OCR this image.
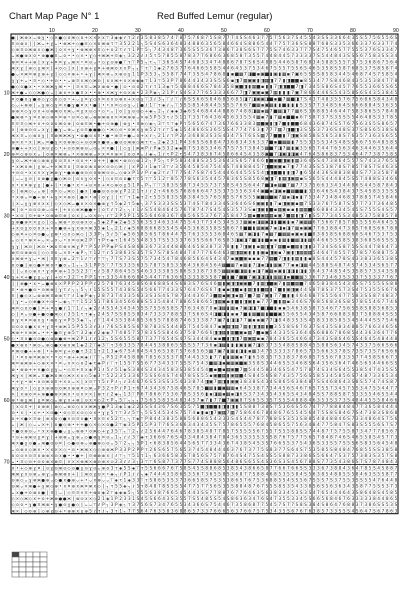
Chart Map Page N° 1	Red Buffed Lemur (regular)
10	20	30	40	50	60	70	80	90
10
20
30
40
50
60
70
● ǀ ж ⊕ x ᴗ ⊕ ɣ • ◇ × ● ◇ o ж ◇ o + × × × x ⊤ 3 ◈ ◈ ℓ τ 2 ℓ 3 5 8 3 8 5 7 4 7 8 7 5 7 6 8 7 5 S 8 7 7 7 4 S S 4 6 3 7 7 5 7 5 6 3 7 S 4 5 5 4 3 S S 3 3 6 6 4 3 5 S 5 7 5 6 5 5 6 S
¤ ⊙ ⊗ x ǀ ǀ ж ᴗ + ɣ ᴗ • ⊕ ж + ◇ ● ¤ ◇ × o ж ⊗ τ ⊤ 3 5 2 2 1 ┐ 5 S 4 S 6 3 6 4 8 3 4 8 8 6 3 5 6 5 8 4 6 6 4 S 8 8 6 5 4 4 7 7 5 7 3 6 S S 8 8 7 6 8 S 3 3 5 3 6 6 3 3 7 6 3 3 7 7 4
◇ ⊕ ¤ ⊙ ж ⊗ x ◇ ● ж ǀ o × + ɣ • ⊕ ж ⊕ × ¤ ◇ + o 2 τ ℓ τ 1 P ⊤ 5 ┐ 7 4 3 4 8 7 3 6 5 S 5 5 3 6 7 3 8 6 7 3 8 S 6 S 7 7 7 5 S 7 4 6 3 3 7 7 7 S 4 7 5 4 6 5 7 7 5 5 5 3 7 6 S 3 3 4 7
ᴗ ж ● ⊕ x o • ⊕ ● ● ¤ ᴗ o • • ◇ × • ɣ ◇ + ж ж + ¤ ◈ ┐ 3 2 2 ℓ ℓ 5 τ 5 7 8 5 5 8 7 8 3 7 7 6 8 6 6 3 6 8 5 8 7 3 5 5 7 4 4 8 4 4 5 7 3 3 3 3 7 S 5 4 4 8 4 3 S S S 6 7 5 8 3 S S 3 4
⊗ ¤ ¤ + + ⊕ ǀ x ɣ + ¤ ¤ ɣ ᴗ ж × • ¤ ⊙ ᴗ • ◇ ɣ ⊙ ⊗ ● ⊤ τ ⊤ P 5 ┐ τ ┐ ⊤ 3 6 S 4 S 7 4 6 8 3 3 4 7 4 8 8 6 7 8 7 S 6 S 4 8 8 5 4 4 6 5 8 7 6 8 3 4 5 8 8 5 5 5 7 3 7 5 3 6 8 6 7 5 6 4
ж x ɣ ǀ ⊕ ◇ ɣ ж × ǀ + o ◇ ǀ x ǀ x ⊕ + ɣ ¤ + ⊗ ж o x x P ┐ ┐ ⊤ τ ⊤ 1 ◈ 2 7 6 3 7 7 6 4 6 6 5 S 8 5 4 4 6 4 5 3 7 5 3 4 6 7 5 5 5 7 5 S 6 5 4 6 5 3 S 8 S 5 8 7 6 8 5 3 7 S 8 S 8 7 4
● ᴗ × ж ¤ ⊗ ɣ ⊕ + ɣ ǀ ◇ ◇ × ⊗ + • + ɣ ǀ ж × ⊗ ᴗ x ⊕ ⊙ ɣ 1 1 P 3 5 3 ┐ 5 5 8 7 7 4 7 3 S S 4 7 8 6 8 ▮ ▪ ■ ▦ 7 ◨ ■ ▪ ▣ ■ ▮ ▣ ▮ ▦ ▪ 7 ▣ 6 5 S S S 8 5 8 3 4 4 5 4 6 8 7 4 S 7 S 8 5 4
ɣ ɣ + ᴗ • ¤ • ◇ • + ⊙ • • ᴗ ⊗ ¤ x ж ◇ ж ⊙ ǀ x x ж + x × ⊕ ◈ ◈ ⊤ 1 3 ⊤ 5 3 P 7 8 6 4 4 3 4 3 3 S 5 S 6 ▪ ◨ 7 ▦ ▣ ▣ ▮ ◨ ▦ ◨ 7 7 ▮ ◨ ■ ■ ▪ 8 5 3 4 7 7 S 8 4 6 8 4 3 5 3 5 3 8 4 7 7 8
● ◇ o ● x • • × ж ж ɣ ж • • ǀ ¤ × ¤ ᴗ ж x ⊗ ⊗ • ● ǀ ⊙ • ⊙ o 2 τ ℓ τ 1 3 ◈ τ 5 4 8 8 4 6 6 S 7 8 4 3 5 8 ▣ ■ ◨ ▮ ▦ ■ ▪ ▮ ▮ 7 ◨ ◨ ■ ■ 7 ◨ 7 3 4 5 S 8 6 S 4 5 7 7 6 5 5 3 6 6 5 S 6 5
ж + ● ᴗ ◇ ◇ ж ● ◇ ᴗ ǀ ⊗ x + x ● ¤ x • • ⊕ • × ж ɣ + ⊙ × ⊗ • 2 3 P ◈ ┐ 2 1 P ℓ S 4 S 3 7 7 6 5 3 3 3 6 6 7 7 ◨ 7 ▣ ▣ ▪ ▣ 7 ▦ ▮ ▮ ▮ 7 ▣ 7 8 6 6 4 4 6 S 5 4 3 5 8 S 6 S 4 3 5 3 8 4 5
¤ o ● o ɣ ● ⊗ ◇ ɣ ◇ o ◇ o • + ᴗ ɣ ¤ ɣ ◇ x ¤ x x ⊙ ⊗ x + x ⊙ ɣ ⊤ 3 ℓ 3 ┐ ⊤ ℓ ⊤ ℓ 6 S S 6 6 S 8 4 6 8 5 6 8 5 ◨ 7 ◨ ▣ ▣ ◨ ■ ▪ ■ 7 ▦ ■ ◨ 7 S 4 3 7 4 8 3 5 5 7 6 7 5 6 8 6 S 8 4 3 4 8
◇ ᴗ + ⊗ ⊕ ǀ ᴗ ɣ ⊕ ◇ ɣ ¤ x ● ɣ ● ¤ x • ● ǀ • • x ¤ ◇ ⊙ ɣ ᴗ ǀ ● ℓ 1 ⊤ τ ◈ ℓ ┐ ⊤ 5 S 5 8 5 4 8 4 4 5 S S 5 7 6 6 7 ■ ▦ ▪ ▣ ▦ ▮ ▮ ■ ▮ ▮ ▮ S 3 S 7 7 3 4 8 5 6 4 S 6 6 6 8 8 4 S 3 6 3 5
⊕ ⊕ × ◇ ɣ o x + ⊙ ⊕ ж o x ж ᴗ ¤ ɣ x ⊙ ◇ • ◇ • ᴗ ǀ o ǀ ɣ ⊙ ⊙ ◇ + ◈ ┐ 2 ┐ ℓ ◈ ◈ 3 ◈ 6 S 4 6 8 4 4 4 8 8 6 7 4 8 8 ◨ ▦ ▪ ▦ 7 ■ ▦ ◨ 7 7 ▦ 6 S 3 6 8 8 5 4 6 4 4 7 S 8 3 8 6 S 5 7 8 4 8
● ж ⊗ • ɣ ¤ x ⊗ ◇ ⊗ × ¤ ⊕ • ⊙ ¤ ◇ ⊕ ᴗ ⊕ ⊗ ж ⊕ o × ¤ ж ⊗ ⊕ ᴗ × ⊕ 5 P 5 3 τ ℓ 5 1 1 7 3 5 7 6 4 3 6 4 5 6 3 3 5 5 4 ▦ ▪ 7 ▮ 7 ▦ ▪ ■ ■ ▪ 6 7 S 8 7 3 7 S 3 S S 5 5 4 6 4 8 S 3 3 7 8 5
¤ ¤ ¤ ◇ ж + x + o o o ж o ⊕ ǀ o ⊗ ¤ ж • ● + ⊙ ⊕ ● ǀ ⊗ ɣ • ¤ ⊕ ◇ ◈ ┐ 3 ⊤ τ ⊤ ◈ P τ 5 6 5 6 7 4 7 3 6 7 6 6 3 3 8 3 ▦ ■ ▣ ▮ ◨ 7 ■ ▮ ■ ■ 6 8 4 3 6 8 7 4 S 5 7 6 7 S 6 3 S 5 S 8 6 5 7
x ǀ ⊗ ⊕ ⊙ ⊙ ᴗ x ɣ ǀ ● ɣ ᴗ ⊕ ᴗ ɣ ⊙ ¤ ● ● ● ◇ • ж ◇ ⊙ • o ж x ɣ ⊕ 5 2 τ ℓ ⊤ 5 ◈ 1 5 4 8 6 6 S 3 6 5 5 S 4 7 7 4 7 6 3 ▮ 7 7 7 ▦ 7 ◨ ■ ◨ 3 S 5 S 3 7 3 6 S 4 8 S 3 7 S 8 S 6 5 3 8 S 6
ж x ¤ ᴗ ◇ ⊗ o ɣ ǀ ¤ ⊗ ж ж ж ɣ • ⊗ ● ⊙ x ¤ • ● • ⊕ ¤ + ● ᴗ o + x ℓ ┐ 2 1 ℓ τ P 2 ℓ 3 6 8 8 3 S 3 S 4 3 4 7 S 7 6 S S ▦ 7 7 ■ ■ ▮ 7 ◨ ▣ S 8 5 8 S 5 6 5 3 8 S 7 6 3 5 7 3 6 3 S 6 5 5
⊕ × x • x ǀ ж ᴗ ¤ ● ɣ × o ⊗ ⊗ ◇ + ⊙ o ж x ● ⊗ ᴗ ● ⊙ ⊙ ж ⊕ ◇ ж τ τ ┐ 2 ◈ 2 3 1 P 4 3 6 S S 6 8 8 4 7 3 6 8 3 4 3 6 3 3 7 ■ ▪ ■ ▦ ▦ ▮ 7 S 5 3 3 5 S 3 4 S 4 8 S S 6 6 7 5 6 4 8 5 8 S
⊕ ● + + x ◇ ǀ ⊕ ⊙ ɣ ◇ • + ⊙ o ж ⊗ ⊙ ᴗ ⊙ ᴗ × × ● ǀ ǀ ◇ ɣ ǀ ж ж P ℓ P ◈ 5 3 2 ◈ ◈ 8 7 S 3 8 5 3 4 6 7 7 S 7 S 7 3 8 4 5 ▦ ■ 7 ◨ 7 ▦ ▮ ▣ 3 5 6 5 7 4 4 7 6 5 6 3 4 6 3 4 4 6 3 5 6 4 4
⊕ ¤ ◇ ⊕ ⊙ x ᴗ ǀ o ⊗ × ж ⊗ ᴗ • × ⊕ ж ⊕ ᴗ × x ¤ × ⊕ × ǀ o o ¤ ᴗ ℓ ◈ ┐ 1 ℓ τ P 2 τ S 4 7 3 8 3 6 7 4 5 8 6 6 4 5 4 3 5 8 ▣ ■ 7 ◨ ▣ ◨ ◨ ▣ 4 7 6 4 S 8 6 8 3 7 S 3 4 6 4 7 7 3 8 7 5 8 S
ɣ o ᴗ ж + ⊗ ◇ ⊗ ⊗ ɣ o ⊙ ¤ x • ⊙ x + • o + + ǀ ● ж • ⊗ ⊙ ◇ ⊗ 1 2 ┐ P 5 ┐ τ P 5 8 3 4 8 8 S 3 5 5 3 6 4 3 S 6 5 7 8 6 6 ▮ ■ ▣ ■ ◨ ▣ ▮ ▦ 3 6 4 S S 4 7 3 8 6 4 5 5 7 S 7 4 3 3 7 6 5 S
• x ж o ⊕ ǀ ɣ ⊕ ᴗ + × ж ¤ o ǀ ¤ ⊗ o ⊗ x ⊗ × ⊙ ⊙ ◇ ж ǀ ǀ x P 2 ℓ 1 ◈ τ 3 ⊤ ℓ 3 5 6 4 5 8 5 4 7 5 4 4 S 7 4 8 8 8 4 5 7 ◨ ■ ▣ ▣ ▪ 7 ▮ 7 7 4 3 S S 5 3 8 7 8 S 7 8 5 7 8 S 7 S 4 6 3 S
+ ⊙ ⊙ • x x × × ɣ ж ⊗ ɣ • ● ⊗ ● ⊕ ⊙ ⊙ o ⊕ ж ⊙ ⊙ ᴗ ◇ ⊗ x P 1 ℓ P ℓ ◈ 2 τ ℓ 7 7 7 S 4 7 S 8 7 4 5 4 4 4 6 4 4 5 5 S 5 4 ◨ ◨ ■ ■ ▮ ▮ ◨ 7 ▮ 6 5 4 4 3 6 S 8 8 3 8 8 4 S 7 7 3 3 5 8 7 8
ǀ ᴗ ᴗ ɣ ⊙ ǀ x ⊗ ● ɣ ● ◇ ж ⊙ ǀ ⊙ x ɣ o × • ǀ ◇ o ¤ ⊙ o ● τ τ 5 τ ⊤ 5 1 2 ⊤ 8 5 7 7 8 S 6 3 5 4 4 5 7 8 3 6 5 S 8 5 6 8 ▣ ◨ 7 ▮ ▦ ◨ ▣ ▦ ▪ S 5 6 5 S 4 4 4 8 4 5 S 5 7 4 8 8 S 3 4 6 6
x • x ¤ ⊗ ɣ ɣ ǀ ● + ǀ • × ● • x • + ⊙ × o + ¤ ◇ ⊗ o ɣ 5 1 P ┐ P ┐ ⊤ ⊤ 3 8 3 S S 8 7 3 4 5 5 7 3 7 S 8 S 4 5 S 6 4 4 7 ■ ◨ ▪ ▦ ■ 7 ▦ 7 7 3 7 5 6 6 3 3 4 3 4 4 8 6 S 4 4 5 8 7 8 4 3
◇ ǀ ⊕ ж ◇ ᴗ ᴗ ⊕ ǀ o × ◇ ᴗ ж ◇ ǀ ● x ǀ ● ● ⊙ o ⊙ ⊕ ɣ P 2 2 1 τ ℓ ℓ 2 τ 4 6 6 S 7 6 8 6 6 6 4 7 3 5 3 7 5 5 5 6 3 4 4 ▣ ■ ▪ ◨ ▣ ▪ ■ ▦ ■ ■ ▮ 3 3 6 4 6 S 4 3 8 4 3 7 S 4 S 8 5 3 5 S S
• x ⊗ ᴗ ¤ ● + ⊕ • + ɣ × × ⊗ o ǀ ● × • ⊗ ǀ o ɣ ǀ ǀ τ ⊤ τ 1 ◈ τ 2 τ 5 5 5 8 3 5 S 8 3 8 4 5 5 7 6 5 8 5 S 7 6 S 5 S ▣ ■ ▦ ■ ▣ 7 ▦ ▪ ◨ ▪ ▮ 7 5 3 4 7 3 4 8 4 6 8 3 7 8 8 5 7 4 5 8 4 6
ǀ x ᴗ ɣ ɣ ⊕ × x x ǀ ◇ x ◇ ж ᴗ ● o × o × ● ⊗ ɣ τ 5 ◈ 2 τ 5 ◈ ┐ 3 7 S 3 3 3 S S 5 3 7 4 S 7 8 4 3 3 4 S 3 6 4 6 S 6 ▣ ▣ ▮ ▮ 7 ▪ ◨ ▣ ▣ ▪ ▦ 7 S 3 3 7 6 7 5 8 7 S 5 7 7 7 3 7 3 6 4 8 5
ж ǀ o • ⊙ ⊙ ⊙ ⊕ ᴗ ⊙ + ǀ + x ◇ ⊕ ж ● ● + ǀ o τ ℓ τ 2 ┐ ┐ ℓ 1 ℓ S 5 4 8 4 6 4 5 7 6 7 8 7 4 7 S 4 5 4 S 3 5 7 3 S ▪ ◨ ▣ ▮ ■ ▪ ▦ ▣ ▪ ▪ ▮ ▦ ▦ ■ 6 6 8 8 4 3 3 4 5 4 5 S 7 5 5 S 4 S 5 7
• x ⊙ ǀ ¤ + ⊗ • o ⊕ ⊗ ¤ ⊕ ǀ o x ǀ ᴗ o × ⊙ ┐ ℓ ⊤ 2 P 5 P 1 5 S 5 6 4 6 8 3 6 7 4 8 5 6 S 5 3 7 6 7 3 5 8 4 7 5 ▦ ▪ ■ ▣ ▦ ▦ ▪ ▣ 7 ■ ▦ ▮ ◨ 7 ▮ S 5 7 7 3 4 5 S 3 4 8 5 3 7 5 8 8 5 7 8
ɣ ⊗ ● ⊕ × × ɣ ◇ ǀ ◇ ᴗ ж ⊕ • o ⊙ ⊕ x o ᴗ 5 ◈ 2 P ◈ 2 ◈ 5 3 5 6 3 S 3 4 6 3 3 4 7 5 5 4 3 7 7 3 4 5 3 4 S 3 3 ▦ ▣ ▪ ◨ ▦ ▣ ◨ ▮ ■ ▣ ▮ ▪ 7 ▣ ▦ ▦ 6 7 5 6 6 7 8 5 7 8 5 5 5 S 6 4 6 4 5 5
+ x ⊙ ɣ o o o x + × o ● ⊗ + ɣ x ⊕ × ж 3 5 ◈ 1 ┐ 2 1 ℓ ◈ S 6 8 8 6 6 8 5 S 4 S 4 4 5 3 6 8 3 5 8 S S 8 6 7 8 ■ ■ ▮ ▦ ▣ ▣ 7 ▪ ◨ ▪ ◨ 7 ▦ ▪ ▣ ▣ 7 7 6 3 8 8 4 7 3 8 S 7 6 8 S 6 6 7 8 8
◇ ⊕ ¤ + ◇ ¤ ⊙ ● ᴗ ɣ ⊗ • ◇ x ◇ ж ◇ ǀ 3 3 P ┐ 5 ℓ 5 ⊤ ◈ 5 6 5 8 5 6 S 7 8 6 4 4 7 S 7 6 3 3 5 5 3 6 8 4 6 S ▦ 7 ▣ ◨ ▮ 7 ▪ ▦ 7 ■ ▦ ▦ ▪ ▣ ▪ ▮ ■ 8 3 8 5 8 S 6 8 8 6 6 S 4 6 7 5 3 7 5 3
ᴗ ◇ x • ⊗ × + ᴗ × ᴗ x ᴗ • x ¤ ⊙ ж 2 P ⊤ τ P τ ◈ τ 1 6 4 5 5 4 8 3 5 7 S 5 3 3 3 7 6 3 S S 6 6 7 6 S 8 3 ◨ ▣ ◨ 7 ■ ◨ ▮ ■ ▪ ▪ ▮ ▦ ▮ ■ ▦ ◨ ▮ ▦ 6 4 6 6 5 5 S 8 S 3 8 3 6 8 S 6 S S S 3
ɣ ɣ ǀ ж ⊙ ǀ ж ⊙ • ж o ¤ ⊕ × ж ɣ P ⊤ P 5 ℓ P P ◈ P S 4 S 8 6 8 3 6 7 3 3 4 4 8 8 6 4 6 5 8 3 8 7 3 7 8 ▮ ▮ 7 ◨ ▣ ▮ ▪ ▦ ◨ ◨ 7 ▦ ■ ▪ ■ ▦ ▮ ◨ ▮ 3 7 3 4 S 6 S 8 7 5 S S 4 4 7 8 6 4 7 3
⊗ ¤ ⊙ ⊕ ⊗ ⊙ ǀ ◇ ◇ ¤ o ᴗ × ¤ • ◈ P ┐ τ 1 2 ⊤ ℓ 5 3 8 6 3 S 3 5 7 S 7 S 7 8 S 4 8 4 7 4 7 7 7 6 6 4 6 3 ▦ ◨ ▦ ▣ ▮ ▮ ▮ ▣ ▪ ◨ ▣ ▪ 7 ▣ ▮ ◨ ▦ ▦ ▦ 5 4 6 4 7 4 5 5 7 5 7 8 5 7 6 8 8 7 5 3
x ж ⊕ + ɣ ᴗ • ж ǀ ¤ ¤ ɣ ⊕ ᴗ 2 ⊤ 1 ℓ ⊤ ℓ ⊤ ⊤ ┐ 7 7 S 7 3 S 5 7 5 7 3 4 5 4 7 8 4 6 8 5 6 6 4 S 4 3 4 7 ▪ ▣ ■ ▣ ▪ ▪ ▪ 7 7 ▦ ■ 7 ◨ ▮ ▮ ▦ ▮ ▮ ▪ 8 S 4 4 4 5 7 8 S 4 3 3 8 3 3 6 5 3 8 S
o o ● ǀ ⊕ ◇ ● ¤ ж o • ● o ᴗ 1 ┐ ┐ 3 1 P P 5 ⊤ 7 7 S 3 3 5 6 3 5 7 8 7 5 8 5 3 5 6 4 3 6 8 4 5 6 4 ▦ ■ ▦ 7 ▪ ▦ ▮ 7 ◨ ▪ ◨ ▮ ▦ ▣ 7 7 ▪ ▪ ◨ ▦ 4 4 5 8 8 S 4 8 7 4 S 7 4 5 3 4 S 6 5 7 7
ǀ ǀ ᴗ o ◇ ⊕ x • ɣ o ¤ ⊕ + 1 5 5 2 3 ⊤ τ ℓ 5 8 7 8 6 4 5 5 S 4 6 3 3 3 3 8 5 S 8 6 S 3 3 8 7 3 8 5 ▦ ▦ ▣ ■ ◨ ▦ ▮ ▪ ◨ 7 ▣ ▦ ▪ ▣ ▮ ◨ ◨ ▮ ◨ ▮ 3 6 4 3 7 4 8 5 4 S 3 S 8 5 7 3 3 4 3 S 8
ɣ + × + ● ɣ ɣ ᴗ ɣ ǀ + o • 3 2 ⊤ τ P P 1 τ τ 3 3 5 4 6 6 6 8 4 5 4 4 7 7 6 3 6 6 3 3 3 5 8 5 S 8 7 ■ ▮ ■ 7 ■ ■ 7 ▣ ◨ ◨ ◨ ▮ ▦ ▦ ◨ ▪ ■ ■ ▦ 3 3 6 7 7 3 4 6 3 S 3 3 3 7 5 5 3 3 7 7 6 7
ǀ ǀ ⊕ ● • x • ᴗ ● ⊕ o × P P P 2 3 P P ℓ 2 5 7 8 7 6 3 4 5 8 S 6 8 6 8 8 S 4 S 6 8 3 S 7 6 S 4 6 ▦ ▮ ▣ ◨ ◨ ▣ ▣ ■ 7 ▮ ▦ ◨ ■ ▣ 7 ▮ ▦ ■ ▦ ■ 7 4 6 5 8 3 8 4 5 4 3 4 S S 7 5 5 5 S S 8 8
¤ • ⊕ + ● ⊙ • ⊙ ж ⊕ ǀ ɣ τ ℓ ┐ ┐ 5 ┐ ℓ 1 5 S 5 5 7 4 3 8 S 5 4 5 6 6 7 7 4 3 3 S 7 6 4 7 6 S 6 7 ▮ ▪ ▪ ◨ ■ ▪ ▮ ▦ ◨ ▮ ■ ▦ ▮ 7 ■ ▮ ▣ ◨ ▣ 4 4 S 8 7 8 S 3 7 5 7 3 S 4 7 5 3 5 5 S 6 7 6
¤ ǀ ● ◇ x ᴗ ⊗ ⊗ ж ¤ ⊗ ⊗ τ ⊤ ℓ 1 ◈ P ◈ ┐ 2 8 7 3 7 4 3 3 5 6 3 3 S 3 S 4 S 7 8 7 3 4 4 3 6 7 3 ■ ▦ ▪ ▣ ◨ ▪ ▦ 7 ■ 7 ▦ 7 ▣ ▮ 7 7 ■ ▮ ▮ 4 6 4 6 8 7 S 5 5 6 4 7 7 5 8 3 S S 8 7 4 8 3 7
ǀ ɣ • ᴗ ◇ ⊕ ● x + ⊙ • ᴗ ◈ ┐ ⊤ ⊤ 1 5 2 5 1 7 8 6 3 4 5 6 6 8 8 S 5 3 5 4 8 4 7 8 8 6 5 8 6 6 5 ◨ ▦ ▣ ▪ ▮ ■ ▮ ◨ ▣ ▮ ▪ 7 7 7 ■ ▮ ▦ ▪ 3 4 6 S 7 6 8 5 6 8 3 6 S 8 5 7 8 S 5 4 6 7 7 4 6
ж ¤ ◇ o o ● ǀ ¤ + ¤ ɣ ● ℓ 1 ⊤ 1 ℓ ┐ ◈ 2 ℓ 4 S 5 4 3 4 5 4 5 S S 7 S 5 6 S 8 S 7 7 6 3 4 8 7 8 ▪ ◨ ▦ ▮ ▦ ▪ 7 ▣ ◨ ◨ 7 ■ ◨ ■ ▮ ▪ ▪ 5 4 6 3 8 5 8 7 5 4 6 7 7 S 6 S S 8 S 8 8 5 6 8 5 3
◇ ǀ ¤ ᴗ ⊙ ● + ● o ● ж ◇ ℓ 3 5 1 τ τ ◈ ┐ 2 4 S 7 S S 8 5 5 8 3 4 7 3 3 3 7 8 8 S 3 7 S 6 6 S 4 ◨ ■ ◨ ▮ ▪ ▪ 7 ■ ▮ ▦ ■ ▦ ▮ ■ ■ ▣ 5 5 6 S S 4 3 4 5 8 7 6 6 8 8 3 8 3 7 5 8 8 8 4 S S 5
o ɣ × ¤ ¤ ⊗ x ɣ • ⊗ o ɣ × P 5 3 ◈ ⊤ ┐ ℓ ⊤ 1 4 4 3 5 3 8 4 8 5 3 6 S 5 7 8 8 8 7 4 6 3 3 3 8 7 7 ▣ 7 ▮ ◨ ◨ 7 7 ▣ ▪ ▪ ▣ 7 7 ◨ 8 4 8 3 S 3 S 4 5 8 3 3 8 5 8 5 3 4 S 4 4 4 S S 7 5 4 6
⊙ o o o ● x x + ɣ ¤ + ⊗ ж 1 5 P 5 5 3 ℓ 3 ℓ 7 6 S 5 8 5 S 6 7 8 7 8 3 S 5 4 4 8 5 7 5 4 5 8 4 7 ▪ ▣ ▦ ◨ ▦ 7 ▦ ▮ ◨ ◨ ▦ ▮ ■ 3 5 5 8 S 6 7 6 3 7 S 4 3 5 S 8 3 4 8 8 5 7 6 6 3 4 6 5 6
ж ⊗ + × ⊕ ж ᴗ • + • ● ¤ ɣ ⊕ 5 ⊤ 3 2 ◈ ℓ 2 ◈ ◈ 7 7 4 8 5 7 5 7 8 3 S 5 S 8 4 6 3 7 5 8 7 6 6 6 ◨ ◨ ▦ ▮ ▦ ■ ▣ ▪ ▦ 7 ■ ▪ ▣ 5 4 3 3 5 S 3 6 4 4 S 6 8 8 6 7 8 6 8 5 4 4 3 6 3 6 4 7 7 6
◇ • ¤ x ● ⊙ ⊙ ● ◇ ⊗ ⊗ ● ⊕ + ж 2 P 1 ℓ ℓ 1 2 ┐ 5 S 6 5 5 5 8 7 7 3 7 7 6 5 4 S 4 7 S 3 4 4 8 4 ▪ ▪ ■ ▮ ◨ ◨ 7 ▦ ▣ ▦ ▪ ▪ 7 8 4 3 6 5 5 4 6 6 4 7 3 4 3 S 8 6 4 6 5 S 4 6 4 5 4 8 4 4 8
● x ⊕ o • ж ⊙ ᴗ ⊗ ◇ ● x ⊕ x ж 1 ◈ 2 2 ⊤ ◈ 3 ⊤ τ 3 6 3 3 5 7 8 4 4 S 3 8 8 6 5 S S S 5 7 7 3 6 ▪ ◨ ▦ ▮ ▮ ▮ ▣ ▮ ▣ 7 ◨ 8 3 7 3 5 4 8 8 S 8 8 4 5 5 8 8 S 6 3 4 5 7 4 3 3 7 5 6 6 S 6 6
¤ ж ⊙ ● + + ⊗ ǀ • + ⊗ ¤ ɣ + o ● τ 3 2 1 τ 2 1 3 ◈ 6 7 S 4 8 4 S 4 5 6 5 3 8 7 S 7 6 8 5 6 5 ▦ 7 ▣ 7 ▮ ▦ ▮ ◨ ▮ ▪ ▦ 3 4 7 5 3 3 3 3 7 8 6 5 7 3 5 6 6 3 3 7 8 S 7 3 S 7 3 S 7 6 S 6 6
ǀ • ¤ o ⊗ ¤ ж ⊗ × • • o • ⊕ + + ж ◈ ℓ ⊤ ⊤ ┐ P 5 2 P 4 5 8 8 6 7 8 5 6 3 S 3 7 8 7 4 4 5 3 5 ▮ 7 7 ▮ ▮ ▦ ▣ ▪ 7 ▮ 6 5 8 3 5 7 5 3 8 3 7 8 6 8 5 7 S S 6 7 8 3 3 5 7 7 4 S 8 S 6 6 7 3
ж ¤ ⊕ ж ⊕ + ◇ ⊕ x × • ¤ ᴗ x × ◇ o 2 ◈ τ ◈ P ℓ ⊤ τ 1 5 5 7 S 5 6 7 7 3 4 3 3 7 5 S S 7 5 4 3 ■ ▦ ◨ ▪ ▣ ▦ ▣ ■ ▣ 3 S 8 S 3 4 4 6 S 5 3 4 6 8 S 6 4 3 S 6 3 6 4 7 4 6 5 6 5 4 4 6 6 S S
⊗ • ⊕ ⊗ + + × ● o ɣ ɣ ᴗ • ◇ ¤ + ¤ x ◈ P 1 ℓ 5 ℓ 5 1 ◈ S 3 8 4 S 3 4 3 4 5 8 3 S 3 8 5 4 5 4 ■ ▪ ■ ▪ ▦ ▣ ■ 7 ▦ 5 4 4 5 8 3 4 6 S 5 4 7 5 7 8 7 4 S 3 4 S 6 4 5 5 3 8 5 4 7 4 3 5 S 5
ж ɣ × ǀ ж ж ᴗ ¤ ● ж o ж ◇ ж × x x ◇ 5 ◈ 3 ⊤ 5 2 2 3 5 3 3 6 7 5 S S 6 4 S 7 4 6 7 8 S S 5 5 ▪ ▣ ■ ▦ ▮ ▣ ▦ ■ 4 S 8 4 5 6 S 8 7 4 3 5 7 5 6 S 5 8 5 3 4 5 8 5 6 S 7 4 8 7 3 3 6 5 3 4
• + ɣ • ⊕ • o ⊙ ж o ¤ + × x ᴗ × ǀ x ¤ ⊤ τ 5 ℓ P ℓ ┐ ℓ 3 4 6 7 6 S 5 3 S S 3 5 4 3 3 8 7 4 ◨ ▣ 7 ▦ ◨ ▮ ▣ ▣ 3 8 3 8 S 4 3 4 S 8 6 5 6 3 8 4 8 7 S S 4 6 8 6 4 3 S 8 S 5 7 4 7 4 S 8 7
ж ɣ o • ǀ ◇ ɣ x ⊕ ⊗ ⊙ o ж x ⊕ ⊗ ¤ ◇ ж ᴗ P 3 2 τ P ℓ P 1 τ 6 7 4 3 4 3 6 7 5 8 4 6 S 7 8 5 ■ ▦ ▮ ■ ▣ ▦ ▦ ▪ 6 4 5 3 8 7 7 3 4 4 5 6 S 4 6 7 6 S 7 S S 7 3 4 5 7 5 S 3 4 7 5 5 4 4 7 7
× ǀ x ⊕ o ¤ + ⊗ ● ● ⊗ × ж x • ⊙ x × × ǀ ⊗ τ ℓ 2 ◈ ┐ 1 3 ⊤ P 6 7 8 6 6 7 5 3 6 7 8 S 3 S 6 ▮ ▪ ◨ ▦ ▪ ▦ ▪ ◨ 6 S 3 7 3 4 3 5 4 3 6 5 S 4 3 4 8 4 S S 7 8 8 S 8 7 5 3 3 5 5 4 6 S 5 4 4
⊕ • ⊕ ɣ ж ǀ ɣ ¤ ж ◇ ᴗ ⊗ ɣ x + ⊗ ǀ ⊙ x × ◇ 2 τ P ┐ 5 ⊤ ┐ ┐ ┐ 7 5 6 5 5 8 3 S 4 8 3 4 5 7 ▪ 7 ▮ 7 7 ■ 7 ▣ ▣ 8 7 S 6 5 S 3 S 7 S 5 S 4 8 8 8 4 6 3 5 3 S 3 7 3 S 4 8 4 4 5 5 5 8 4 6 6
ǀ x ⊙ ¤ + ǀ o ⊕ ⊕ ǀ ⊗ ◇ ᴗ ⊗ o ◇ x x ж ж ɣ ● P 1 3 ◈ 1 ◈ 2 2 3 S S 4 3 6 7 S 6 3 5 5 7 5 ■ ◨ ■ ■ ▮ ◨ ▮ ◨ ▮ 5 S 8 8 7 3 8 S 7 5 3 6 6 S 5 6 7 4 7 7 7 8 8 8 4 8 4 7 7 3 6 5 8 4 4 4 4
⊙ • x ǀ • x + • × ⊙ ● • o ◇ ¤ x ⊙ ◇ o x • ɣ ɣ 5 τ ⊤ 3 ℓ 5 ⊤ ┐ 5 S 5 4 5 3 4 S 7 5 7 4 ▪ ▮ ▪ ◨ 7 ▣ ▦ 7 ▦ 7 5 8 6 4 6 7 8 4 8 6 7 6 5 5 4 5 6 4 7 5 S 8 S 8 4 6 7 S 4 7 3 8 3 S 8 6 8
o + × ● × ¤ ⊗ ǀ ⊕ x o ◇ ● × ⊙ ¤ x ● • ¤ × ¤ x 5 2 τ ┐ ┐ τ ◈ ⊤ P 8 4 4 3 8 3 5 8 8 5 6 8 8 6 5 4 3 3 3 S 4 S 4 4 7 8 7 7 8 8 S S 3 5 3 S 8 8 5 4 8 4 8 8 4 6 S 7 3 3 4 8 6 4 S 7 5 6
ᴗ ǀ ж ǀ ◇ ᴗ ᴗ × + ǀ o ● ◇ ⊕ • + + ● ◇ × ◇ × o ● 2 ⊤ ◈ 3 5 P 1 5 P 3 7 7 6 S 3 6 6 3 4 3 4 3 5 S 7 5 7 8 6 5 5 5 7 6 8 4 5 8 6 5 5 7 5 6 3 4 8 4 7 7 5 8 4 7 S 8 3 S 5 5 5 6 S 7 S 7
• ● o ⊗ ⊙ ᴗ • x x ⊕ ● ● ᴗ ɣ ᴗ ⊕ ⊗ • o ж ◇ + ɣ 3 5 ⊤ ┐ ⊤ 2 ┐ ℓ 2 5 6 4 4 7 6 4 6 7 8 3 8 5 4 8 7 7 8 5 7 S S 5 5 S 6 7 5 5 7 S 5 5 8 8 S S 7 4 4 8 7 7 5 7 5 5 8 7 3 4 7 7 7 8 5 6 7
• ⊙ + ⊕ ж ⊙ ɣ ¤ ɣ ǀ + ⊕ ⊗ ᴗ ɣ ⊕ ᴗ ◇ ● ⊗ ɣ ¤ ⊙ ᴗ 1 ┐ ℓ ℓ 3 ⊤ ◈ τ 3 6 6 6 7 6 S 4 3 3 4 8 4 3 8 4 7 8 4 3 6 5 3 3 5 S 3 S S 8 7 6 7 5 7 7 5 6 5 7 8 4 8 7 4 6 S 4 6 5 5 8 5 4 S 7 7 3
ж x ● ɣ ⊙ ● ᴗ ж ● ⊙ ⊙ ¤ ǀ ◇ ● ⊙ ⊗ ᴗ ⊕ ● ⊗ ◇ ⊙ ᴗ 5 ⊤ 2 ┐ ┐ 5 P 1 τ 6 8 3 8 5 6 4 4 5 6 S 7 7 3 3 4 3 6 7 4 3 8 5 4 S 3 S 7 6 6 S 5 3 7 5 4 3 6 S 3 3 S 5 7 S 5 S 6 S 8 3 5 6 4 5 4 8
ᴗ ⊙ ⊕ x ◇ ж × • × x × × ◇ • ⊙ • ж ж x ◇ ◇ ⊕ ⊕ ж P 3 3 P 2 P P τ 2 6 S 6 5 7 5 6 5 3 7 4 5 4 8 4 4 4 6 3 7 6 7 3 7 7 5 S 8 3 7 7 S 6 4 S 7 5 3 5 8 5 S 8 4 8 4 7 6 8 5 5 S S 3 8 5 8
o o ⊙ × ⊙ ¤ o ⊗ ⊗ × ⊙ x ● • • ● + ǀ ¤ ⊕ ⊗ ⊗ x ǀ ℓ ⊤ ┐ ⊤ 5 1 τ 1 ┐ 6 3 6 6 5 8 3 S 7 8 5 6 S 7 5 7 8 7 6 4 S 4 7 5 S 4 S S 5 S 8 8 7 3 3 8 6 S 5 6 6 4 7 S 3 7 5 7 3 8 3 S 3 5 7 S 8
ᴗ • ¤ ◇ ⊙ + ⊙ o ⊗ × ⊗ ¤ ǀ × × × ⊕ ж × ⊕ ⊙ ⊕ × ⊙ 2 3 ℓ ℓ 3 ┐ 3 ⊤ ⊤ 6 S 8 7 7 3 7 7 S 7 7 4 S 8 8 8 5 6 4 8 6 S 6 5 S 4 S 3 6 S 3 S 4 5 6 7 8 8 S 7 7 3 5 4 3 8 6 S 7 S 7 8 7 4 8 4 3
x • + ◇ ⊗ ɣ ¤ ǀ ⊙ ɣ ⊙ ж ⊙ ◇ ⊙ ● ɣ ⊙ ɣ ⊙ ᴗ ⊗ o 3 τ ◈ 5 5 ◈ ⊤ τ 5 S 6 6 6 7 6 7 S 8 S 4 5 S 8 8 6 8 5 3 8 5 4 3 8 6 6 5 8 7 7 6 6 7 6 6 S S 3 3 3 6 7 3 8 8 4 3 6 4 7 8 5 S 4 S 8 8 7
ж ж ɣ x ⊙ ⊗ ᴗ ⊕ ɣ ᴗ ⊗ ж ⊗ o + ǀ ǀ ж o ɣ ⊙ × • ◈ ┐ ℓ P 1 ℓ ℓ ┐ ◈ 7 4 4 4 3 5 8 6 S 3 5 6 7 3 6 5 5 8 S 3 6 8 7 7 S 8 8 4 6 8 5 3 5 5 8 4 S 5 6 3 8 5 4 8 8 5 5 5 8 4 6 3 S 5 S 8 7 7
⊙ ⊕ ◇ ᴗ ɣ ⊗ ж ● ⊕ ᴗ ◇ ● x ● ⊕ ᴗ + • ᴗ x ⊗ ᴗ ᴗ ⊤ ◈ τ 1 ◈ 3 3 ⊤ τ S 8 6 5 3 S 3 7 3 6 6 5 8 S 7 S 3 5 3 8 6 S 7 6 7 5 3 6 8 8 5 S 4 S S 5 6 7 S 5 S 7 S 3 7 5 5 3 S S 5 5 4 7 6 4 4 8
⊙ ж ᴗ × ж ● + ɣ ж ◇ ⊕ • x ¤ ⊕ x ж ¤ ж x ◇ ǀ ┐ τ 5 5 ◈ ┐ ℓ 5 τ 8 4 8 7 8 S 5 S 5 4 7 7 5 7 7 S 6 S 3 5 S 8 8 4 8 7 6 7 S 5 S 8 S 3 5 4 3 3 8 S 6 S 5 6 3 6 3 4 3 S 8 7 7 5 S S 3 7 3
ᴗ x ● + o ⊗ x ● ǀ ¤ ǀ ᴗ ǀ ◇ ¤ ¤ × ¤ + ⊗ o ◈ 2 ⊤ ◈ ◈ ◈ 5 ┐ 5 5 5 6 3 8 7 6 6 5 4 5 4 4 3 S S 7 7 8 8 7 6 7 7 6 4 6 3 5 6 3 8 3 3 4 5 3 S 3 S 4 7 6 5 4 4 4 6 4 3 S 8 6 4 8 S 4 5 8 5
◇ × ◇ ж ◇ x + o + ж ⊗ ● ● ж ǀ ⊗ ⊙ x × ◇ 2 1 ◈ 1 P 2 3 3 1 S 4 5 S 6 6 4 3 S 3 5 5 7 S 5 4 8 5 S 5 4 S 8 6 3 6 3 4 7 6 S 4 7 3 5 5 3 3 4 5 S 6 6 5 6 8 4 6 7 6 3 3 3 3 3 8 4 4 8 6 5
◇ o o • ɣ ● ¤ ж ⊗ • ɣ ● ⊙ ɣ ● ◇ ǀ ᴗ ᴗ ⊤ ℓ P ┐ 3 P ◈ ┐ τ 3 7 5 6 S 7 3 4 7 6 5 5 3 4 3 6 6 S 7 5 4 4 6 7 3 5 8 6 8 7 7 5 4 5 7 S 7 7 S 8 S 3 8 4 S 8 6 4 7 6 8 8 3 7 3 8 6 S S 5 3 S
ж × ǀ ◇ o ⊕ ǀ ◇ ⊗ ɣ ⊙ + • ⊕ ⊗ x ɣ ⊕ 5 ℓ τ ℓ ┐ 3 τ 1 ┐ 7 7 S 6 4 7 6 3 5 8 3 6 8 8 6 5 7 3 3 7 6 6 6 S 6 3 7 6 6 7 5 7 5 3 4 3 5 S 6 7 6 7 6 3 8 5 7 3 3 S 5 S 4 S 6 4 7 S 6 7 8 6 3
